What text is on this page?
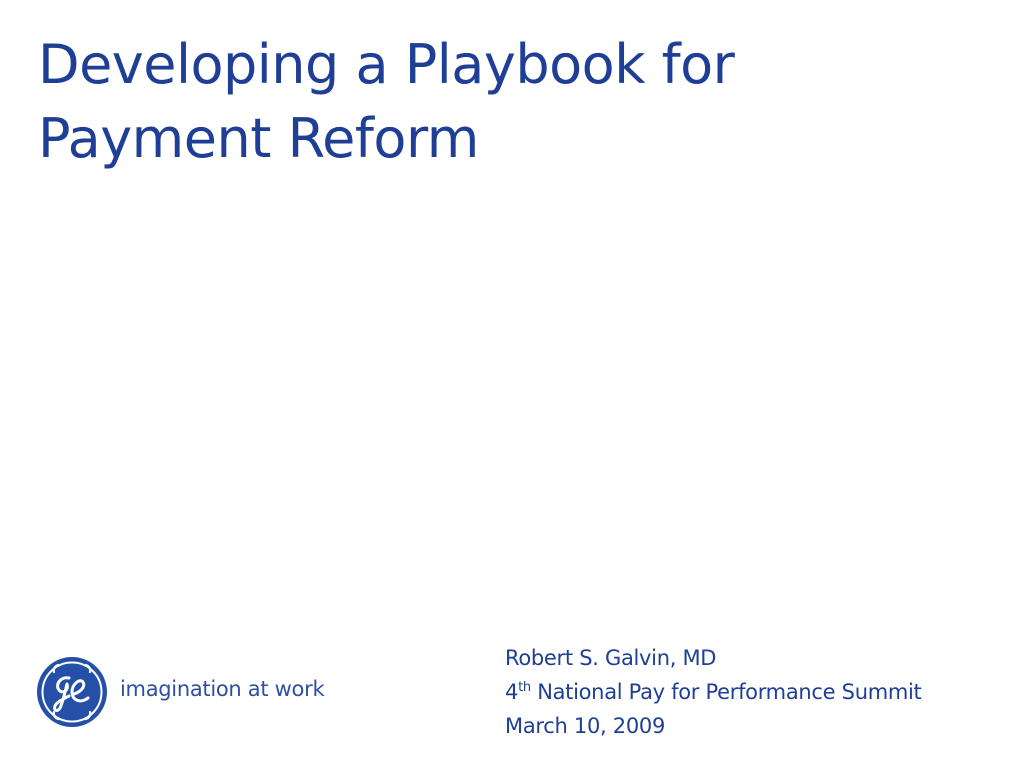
Developing a Playbook for
Payment Reform
imagination at work
Robert S. Galvin, MD
4th National Pay for Performance Summit
March 10, 2009
